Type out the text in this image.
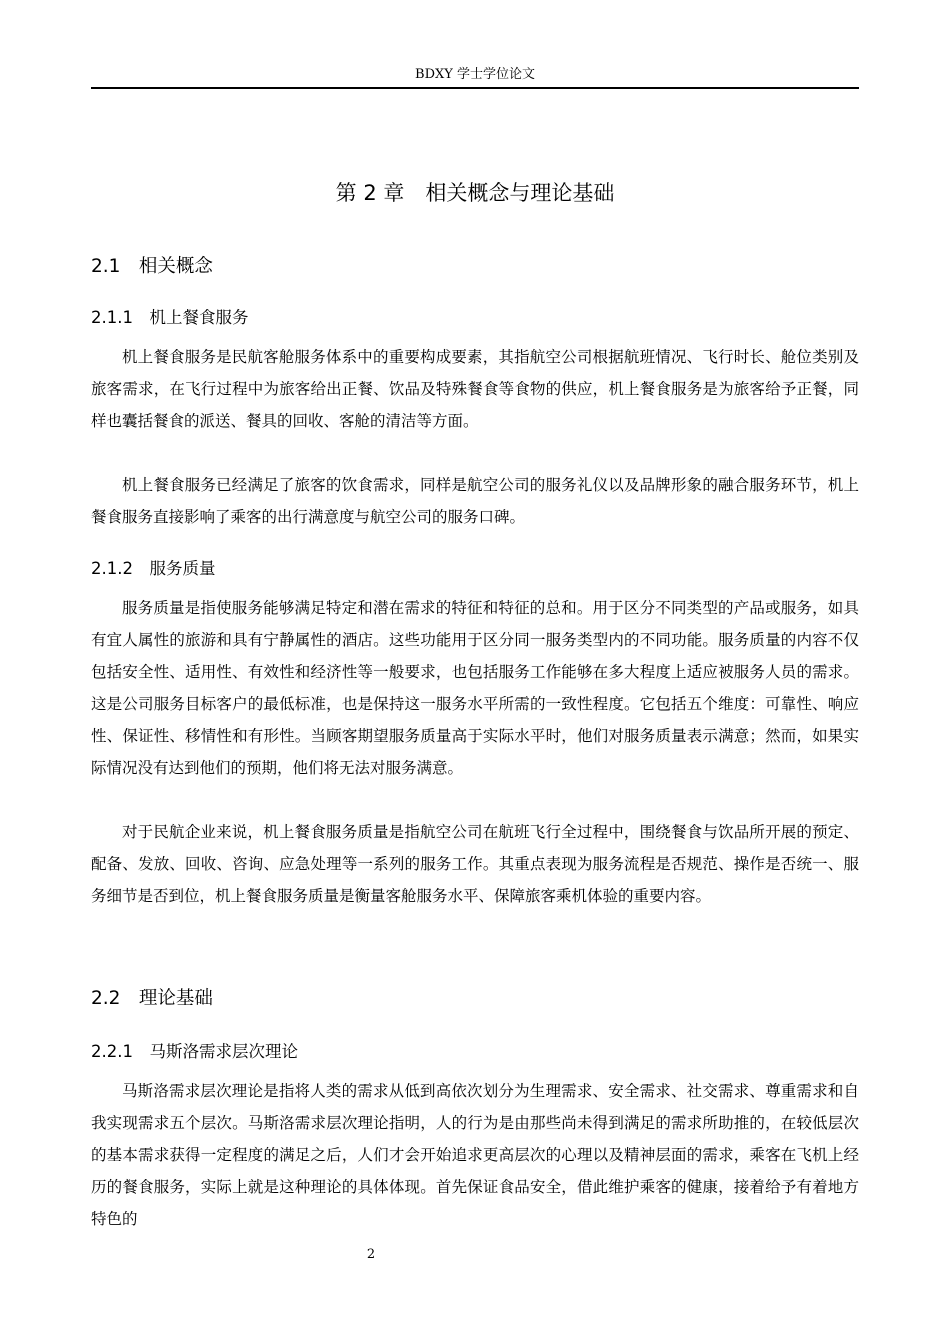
BDXY 学士学位论文
第 2 章　相关概念与理论基础
2.1　相关概念
2.1.1　机上餐食服务

机上餐食服务是民航客舱服务体系中的重要构成要素，其指航空公司根据航班情况、飞行时长、舱位类别及旅客需求，在飞行过程中为旅客给出正餐、饮品及特殊餐食等食物的供应，机上餐食服务是为旅客给予正餐，同样也囊括餐食的派送、餐具的回收、客舱的清洁等方面。

机上餐食服务已经满足了旅客的饮食需求，同样是航空公司的服务礼仪以及品牌形象的融合服务环节，机上餐食服务直接影响了乘客的出行满意度与航空公司的服务口碑。

2.1.2　服务质量

服务质量是指使服务能够满足特定和潜在需求的特征和特征的总和。用于区分不同类型的产品或服务，如具有宜人属性的旅游和具有宁静属性的酒店。这些功能用于区分同一服务类型内的不同功能。服务质量的内容不仅包括安全性、适用性、有效性和经济性等一般要求，也包括服务工作能够在多大程度上适应被服务人员的需求。这是公司服务目标客户的最低标准，也是保持这一服务水平所需的一致性程度。它包括五个维度：可靠性、响应性、保证性、移情性和有形性。当顾客期望服务质量高于实际水平时，他们对服务质量表示满意；然而，如果实际情况没有达到他们的预期，他们将无法对服务满意。

对于民航企业来说，机上餐食服务质量是指航空公司在航班飞行全过程中，围绕餐食与饮品所开展的预定、配备、发放、回收、咨询、应急处理等一系列的服务工作。其重点表现为服务流程是否规范、操作是否统一、服务细节是否到位，机上餐食服务质量是衡量客舱服务水平、保障旅客乘机体验的重要内容。

2.2　理论基础
2.2.1　马斯洛需求层次理论

马斯洛需求层次理论是指将人类的需求从低到高依次划分为生理需求、安全需求、社交需求、尊重需求和自我实现需求五个层次。马斯洛需求层次理论指明，人的行为是由那些尚未得到满足的需求所助推的，在较低层次的基本需求获得一定程度的满足之后，人们才会开始追求更高层次的心理以及精神层面的需求，乘客在飞机上经历的餐食服务，实际上就是这种理论的具体体现。首先保证食品安全，借此维护乘客的健康，接着给予有着地方特色的

2
